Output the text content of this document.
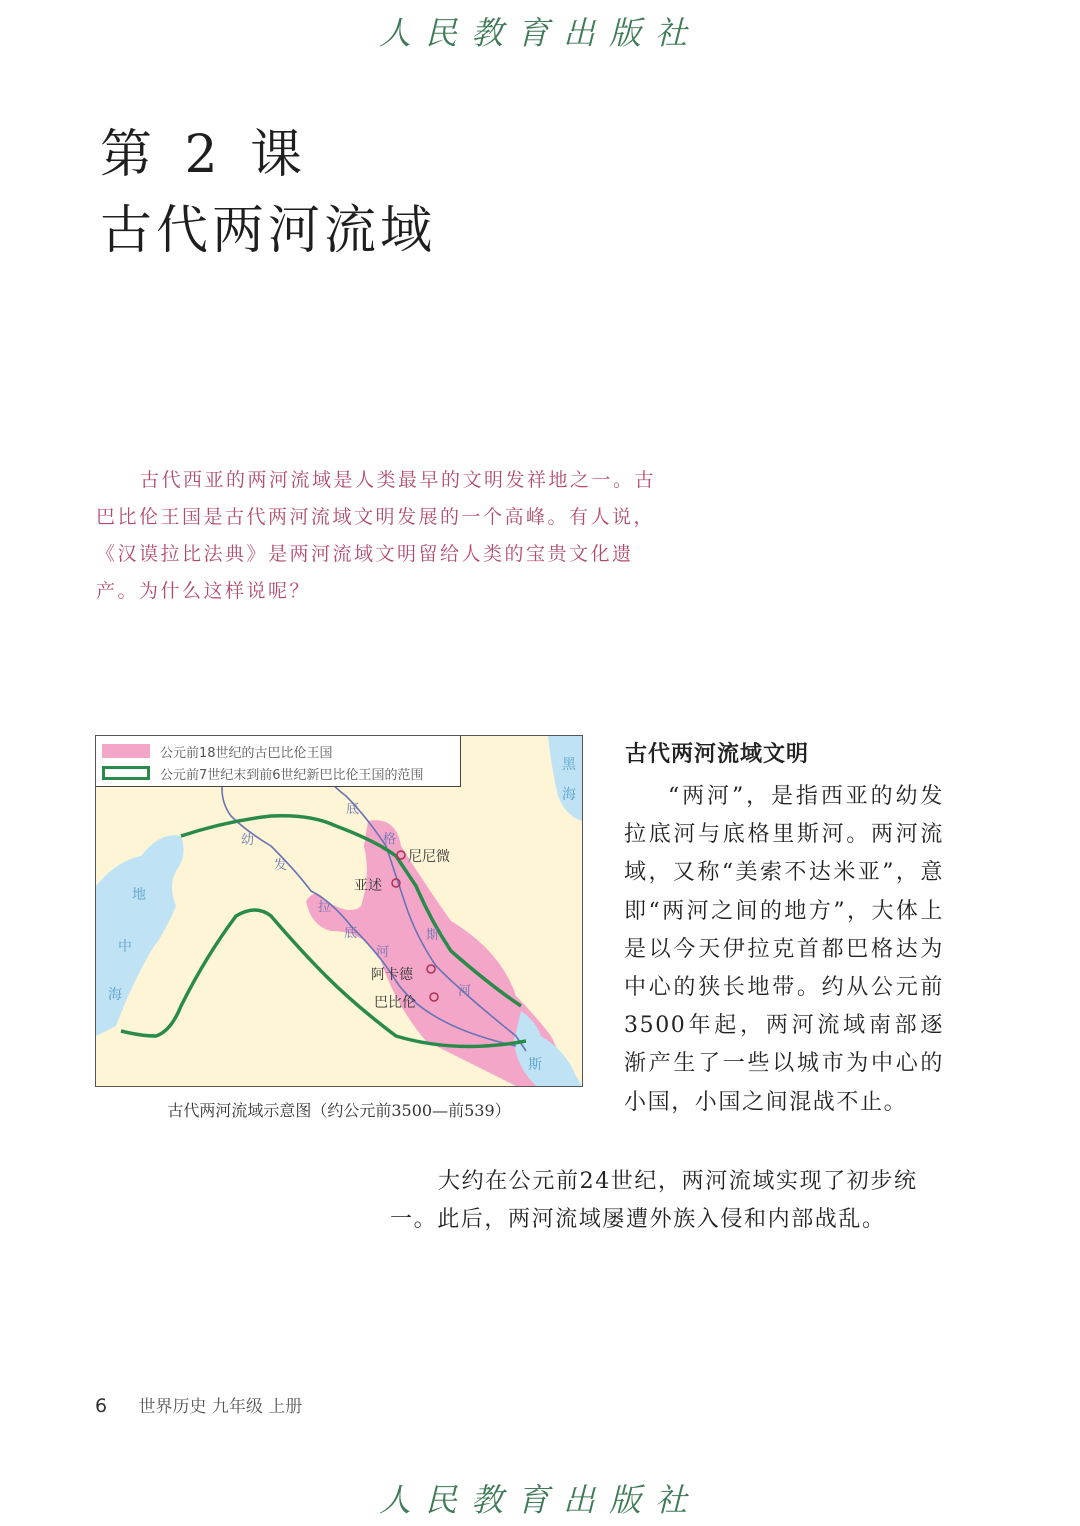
人民教育出版社
第 2 课
古代两河流域

古代西亚的两河流域是人类最早的文明发祥地之一。古巴比伦王国是古代两河流域文明发展的一个高峰。有人说，《汉谟拉比法典》是两河流域文明留给人类的宝贵文化遗产。为什么这样说呢？

公元前18世纪的古巴比伦王国
公元前7世纪末到前6世纪新巴比伦王国的范围
尼尼微
亚述
阿卡德
巴比伦
地
中
海
黑
海
斯
幼
发
拉
底
河
底
格
斯
河
古代两河流域示意图（约公元前3500—前539）
古代两河流域文明

“两河”，是指西亚的幼发拉底河与底格里斯河。两河流域，又称“美索不达米亚”，意即“两河之间的地方”，大体上是以今天伊拉克首都巴格达为中心的狭长地带。约从公元前3500年起，两河流域南部逐渐产生了一些以城市为中心的小国，小国之间混战不止。

大约在公元前24世纪，两河流域实现了初步统一。此后，两河流域屡遭外族入侵和内部战乱。

6 世界历史 九年级 上册
人民教育出版社
